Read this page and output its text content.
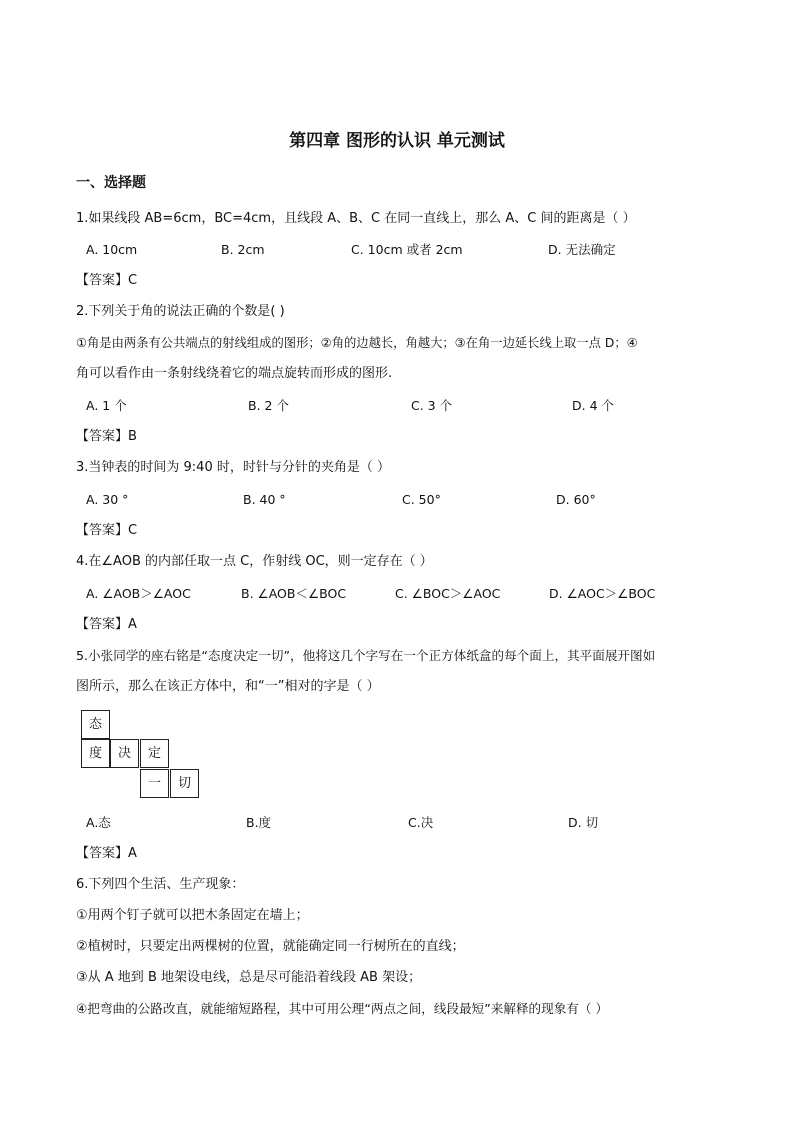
第四章 图形的认识 单元测试
一、选择题
1.如果线段 AB=6cm，BC=4cm，且线段 A、B、C 在同一直线上，那么 A、C 间的距离是（ ）
A. 10cm	B. 2cm	C. 10cm 或者 2cm	D. 无法确定
【答案】C
2.下列关于角的说法正确的个数是( )
①角是由两条有公共端点的射线组成的图形；②角的边越长，角越大；③在角一边延长线上取一点 D；④
角可以看作由一条射线绕着它的端点旋转而形成的图形.
A. 1 个	B. 2 个	C. 3 个	D. 4 个
【答案】B
3.当钟表的时间为 9:40 时，时针与分针的夹角是（ ）
A. 30 °	B. 40 °	C. 50°	D. 60°
【答案】C
4.在∠AOB 的内部任取一点 C，作射线 OC，则一定存在（ ）
A. ∠AOB＞∠AOC	B. ∠AOB＜∠BOC	C. ∠BOC＞∠AOC	D. ∠AOC＞∠BOC
【答案】A
5.小张同学的座右铭是“态度决定一切”，他将这几个字写在一个正方体纸盒的每个面上，其平面展开图如
图所示，那么在该正方体中，和“一”相对的字是（ ）
态
度	决	定
一	切
A.态	B.度	C.决	D. 切
【答案】A
6.下列四个生活、生产现象：
①用两个钉子就可以把木条固定在墙上；
②植树时，只要定出两棵树的位置，就能确定同一行树所在的直线；
③从 A 地到 B 地架设电线，总是尽可能沿着线段 AB 架设；
④把弯曲的公路改直，就能缩短路程，其中可用公理“两点之间，线段最短”来解释的现象有（ ）
